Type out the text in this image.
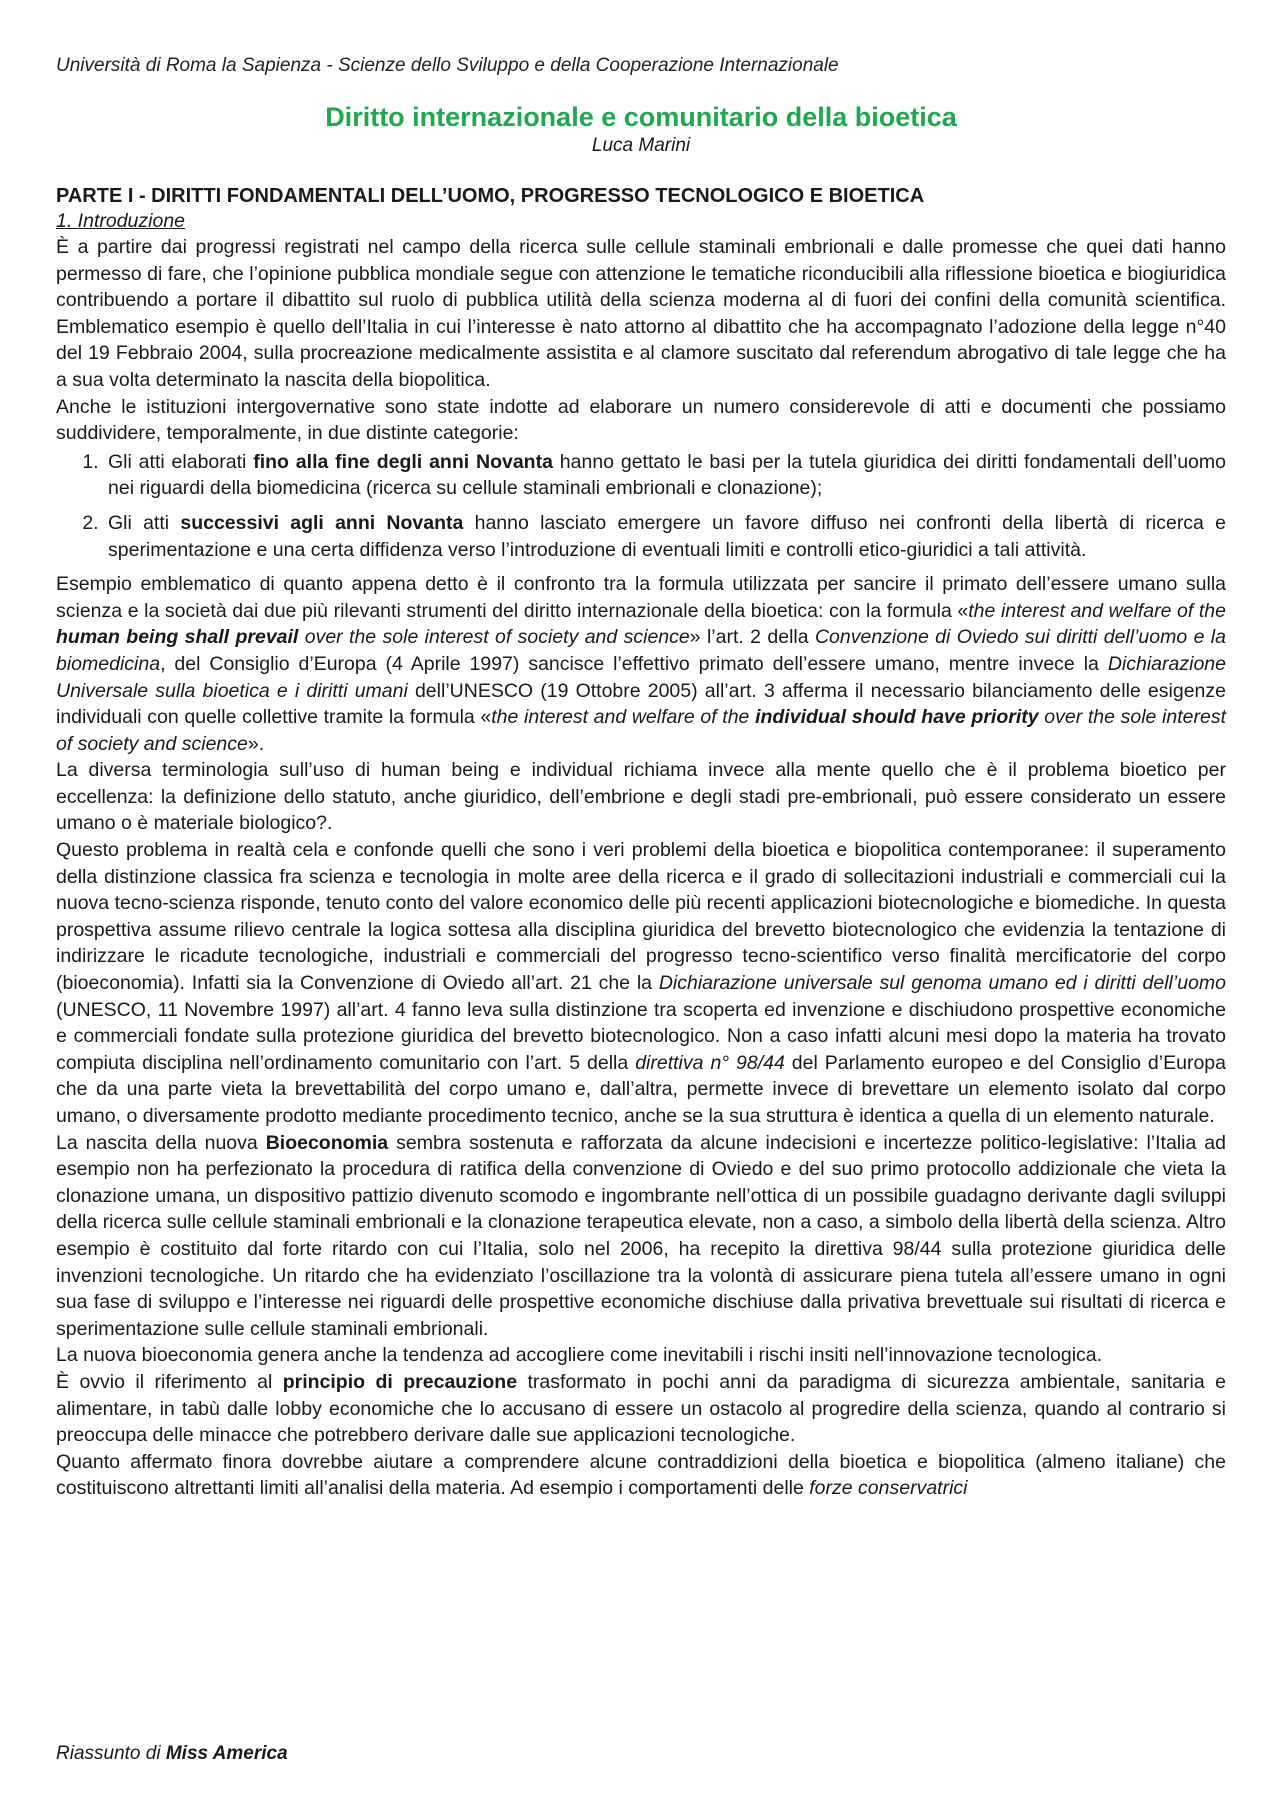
Università di Roma la Sapienza - Scienze dello Sviluppo e della Cooperazione Internazionale
Diritto internazionale e comunitario della bioetica
Luca Marini
PARTE I - DIRITTI FONDAMENTALI DELL’UOMO, PROGRESSO TECNOLOGICO E BIOETICA
1. Introduzione

È a partire dai progressi registrati nel campo della ricerca sulle cellule staminali embrionali e dalle promesse che quei dati hanno permesso di fare, che l’opinione pubblica mondiale segue con attenzione le tematiche riconducibili alla riflessione bioetica e biogiuridica contribuendo a portare il dibattito sul ruolo di pubblica utilità della scienza moderna al di fuori dei confini della comunità scientifica. Emblematico esempio è quello dell’Italia in cui l’interesse è nato attorno al dibattito che ha accompagnato l’adozione della legge n°40 del 19 Febbraio 2004, sulla procreazione medicalmente assistita e al clamore suscitato dal referendum abrogativo di tale legge che ha a sua volta determinato la nascita della biopolitica.

Anche le istituzioni intergovernative sono state indotte ad elaborare un numero considerevole di atti e documenti che possiamo suddividere, temporalmente, in due distinte categorie:

1. Gli atti elaborati fino alla fine degli anni Novanta hanno gettato le basi per la tutela giuridica dei diritti fondamentali dell’uomo nei riguardi della biomedicina (ricerca su cellule staminali embrionali e clonazione);
2. Gli atti successivi agli anni Novanta hanno lasciato emergere un favore diffuso nei confronti della libertà di ricerca e sperimentazione e una certa diffidenza verso l’introduzione di eventuali limiti e controlli etico-giuridici a tali attività.

Esempio emblematico di quanto appena detto è il confronto tra la formula utilizzata per sancire il primato dell’essere umano sulla scienza e la società dai due più rilevanti strumenti del diritto internazionale della bioetica: con la formula «the interest and welfare of the human being shall prevail over the sole interest of society and science» l’art. 2 della Convenzione di Oviedo sui diritti dell’uomo e la biomedicina, del Consiglio d’Europa (4 Aprile 1997) sancisce l’effettivo primato dell’essere umano, mentre invece la Dichiarazione Universale sulla bioetica e i diritti umani dell’UNESCO (19 Ottobre 2005) all’art. 3 afferma il necessario bilanciamento delle esigenze individuali con quelle collettive tramite la formula «the interest and welfare of the individual should have priority over the sole interest of society and science».

La diversa terminologia sull’uso di human being e individual richiama invece alla mente quello che è il problema bioetico per eccellenza: la definizione dello statuto, anche giuridico, dell’embrione e degli stadi pre-embrionali, può essere considerato un essere umano o è materiale biologico?.

Questo problema in realtà cela e confonde quelli che sono i veri problemi della bioetica e biopolitica contemporanee: il superamento della distinzione classica fra scienza e tecnologia in molte aree della ricerca e il grado di sollecitazioni industriali e commerciali cui la nuova tecno-scienza risponde, tenuto conto del valore economico delle più recenti applicazioni biotecnologiche e biomediche. In questa prospettiva assume rilievo centrale la logica sottesa alla disciplina giuridica del brevetto biotecnologico che evidenzia la tentazione di indirizzare le ricadute tecnologiche, industriali e commerciali del progresso tecno-scientifico verso finalità mercificatorie del corpo (bioeconomia). Infatti sia la Convenzione di Oviedo all’art. 21 che la Dichiarazione universale sul genoma umano ed i diritti dell’uomo (UNESCO, 11 Novembre 1997) all’art. 4 fanno leva sulla distinzione tra scoperta ed invenzione e dischiudono prospettive economiche e commerciali fondate sulla protezione giuridica del brevetto biotecnologico. Non a caso infatti alcuni mesi dopo la materia ha trovato compiuta disciplina nell’ordinamento comunitario con l’art. 5 della direttiva n° 98/44 del Parlamento europeo e del Consiglio d’Europa che da una parte vieta la brevettabilità del corpo umano e, dall’altra, permette invece di brevettare un elemento isolato dal corpo umano, o diversamente prodotto mediante procedimento tecnico, anche se la sua struttura è identica a quella di un elemento naturale.

La nascita della nuova Bioeconomia sembra sostenuta e rafforzata da alcune indecisioni e incertezze politico-legislative: l’Italia ad esempio non ha perfezionato la procedura di ratifica della convenzione di Oviedo e del suo primo protocollo addizionale che vieta la clonazione umana, un dispositivo pattizio divenuto scomodo e ingombrante nell’ottica di un possibile guadagno derivante dagli sviluppi della ricerca sulle cellule staminali embrionali e la clonazione terapeutica elevate, non a caso, a simbolo della libertà della scienza. Altro esempio è costituito dal forte ritardo con cui l’Italia, solo nel 2006, ha recepito la direttiva 98/44 sulla protezione giuridica delle invenzioni tecnologiche. Un ritardo che ha evidenziato l’oscillazione tra la volontà di assicurare piena tutela all’essere umano in ogni sua fase di sviluppo e l’interesse nei riguardi delle prospettive economiche dischiuse dalla privativa brevettuale sui risultati di ricerca e sperimentazione sulle cellule staminali embrionali.

La nuova bioeconomia genera anche la tendenza ad accogliere come inevitabili i rischi insiti nell’innovazione tecnologica.

È ovvio il riferimento al principio di precauzione trasformato in pochi anni da paradigma di sicurezza ambientale, sanitaria e alimentare, in tabù dalle lobby economiche che lo accusano di essere un ostacolo al progredire della scienza, quando al contrario si preoccupa delle minacce che potrebbero derivare dalle sue applicazioni tecnologiche.

Quanto affermato finora dovrebbe aiutare a comprendere alcune contraddizioni della bioetica e biopolitica (almeno italiane) che costituiscono altrettanti limiti all’analisi della materia. Ad esempio i comportamenti delle forze conservatrici

Riassunto di Miss America
